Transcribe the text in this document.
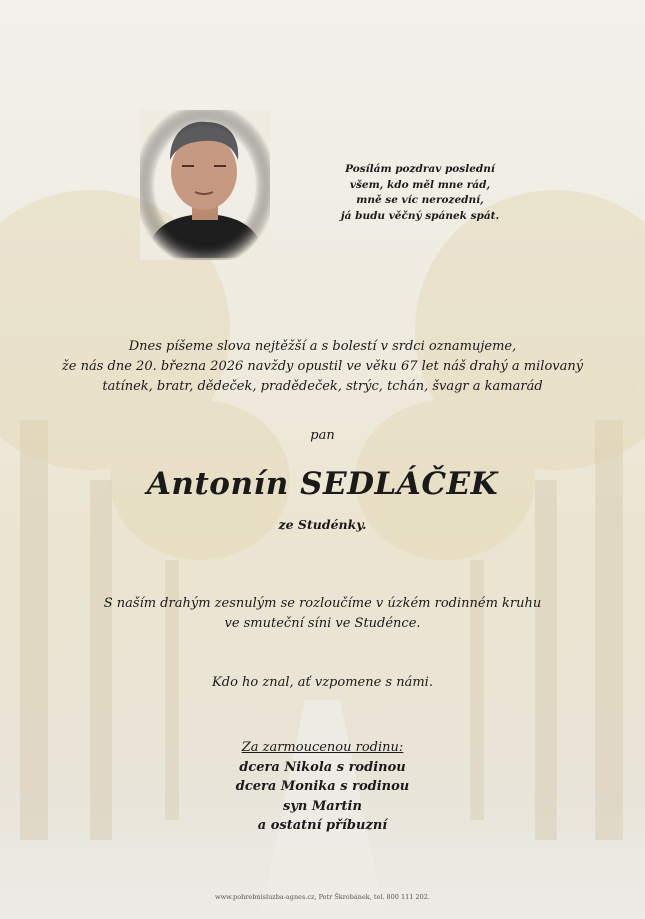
Posílám pozdrav poslední
všem, kdo měl mne rád,
mně se víc nerozední,
já budu věčný spánek spát.
Dnes píšeme slova nejtěžší a s bolestí v srdci oznamujeme,
že nás dne 20. března 2026 navždy opustil ve věku 67 let náš drahý a milovaný
tatínek, bratr, dědeček, pradědeček, strýc, tchán, švagr a kamarád
pan
Antonín SEDLÁČEK
ze Studénky.
S naším drahým zesnulým se rozloučíme v úzkém rodinném kruhu
ve smuteční síni ve Studénce.
Kdo ho znal, ať vzpomene s námi.
Za zarmoucenou rodinu:
dcera Nikola s rodinou
dcera Monika s rodinou
syn Martin
a ostatní příbuzní
www.pohrebnisluzba-agnes.cz, Petr Škrobánek, tel. 800 111 202.
